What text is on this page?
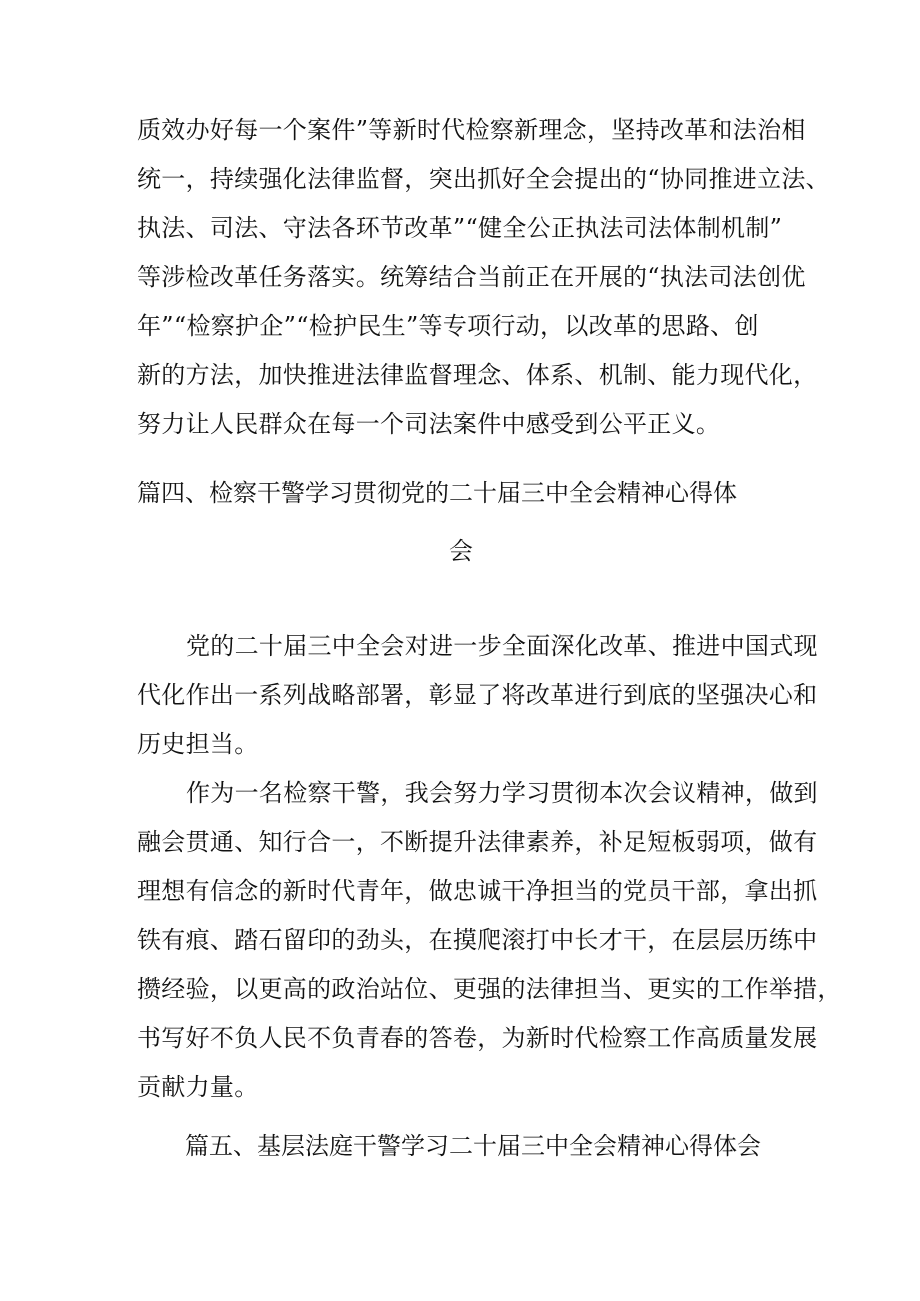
质效办好每一个案件”等新时代检察新理念，坚持改革和法治相
统一，持续强化法律监督，突出抓好全会提出的“协同推进立法、
执法、司法、守法各环节改革”“健全公正执法司法体制机制”
等涉检改革任务落实。统筹结合当前正在开展的“执法司法创优
年”“检察护企”“检护民生”等专项行动，以改革的思路、创
新的方法，加快推进法律监督理念、体系、机制、能力现代化，
努力让人民群众在每一个司法案件中感受到公平正义。
篇四、检察干警学习贯彻党的二十届三中全会精神心得体
会
党的二十届三中全会对进一步全面深化改革、推进中国式现
代化作出一系列战略部署，彰显了将改革进行到底的坚强决心和
历史担当。
作为一名检察干警，我会努力学习贯彻本次会议精神，做到
融会贯通、知行合一，不断提升法律素养，补足短板弱项，做有
理想有信念的新时代青年，做忠诚干净担当的党员干部，拿出抓
铁有痕、踏石留印的劲头，在摸爬滚打中长才干，在层层历练中
攒经验，以更高的政治站位、更强的法律担当、更实的工作举措，
书写好不负人民不负青春的答卷，为新时代检察工作高质量发展
贡献力量。
篇五、基层法庭干警学习二十届三中全会精神心得体会
